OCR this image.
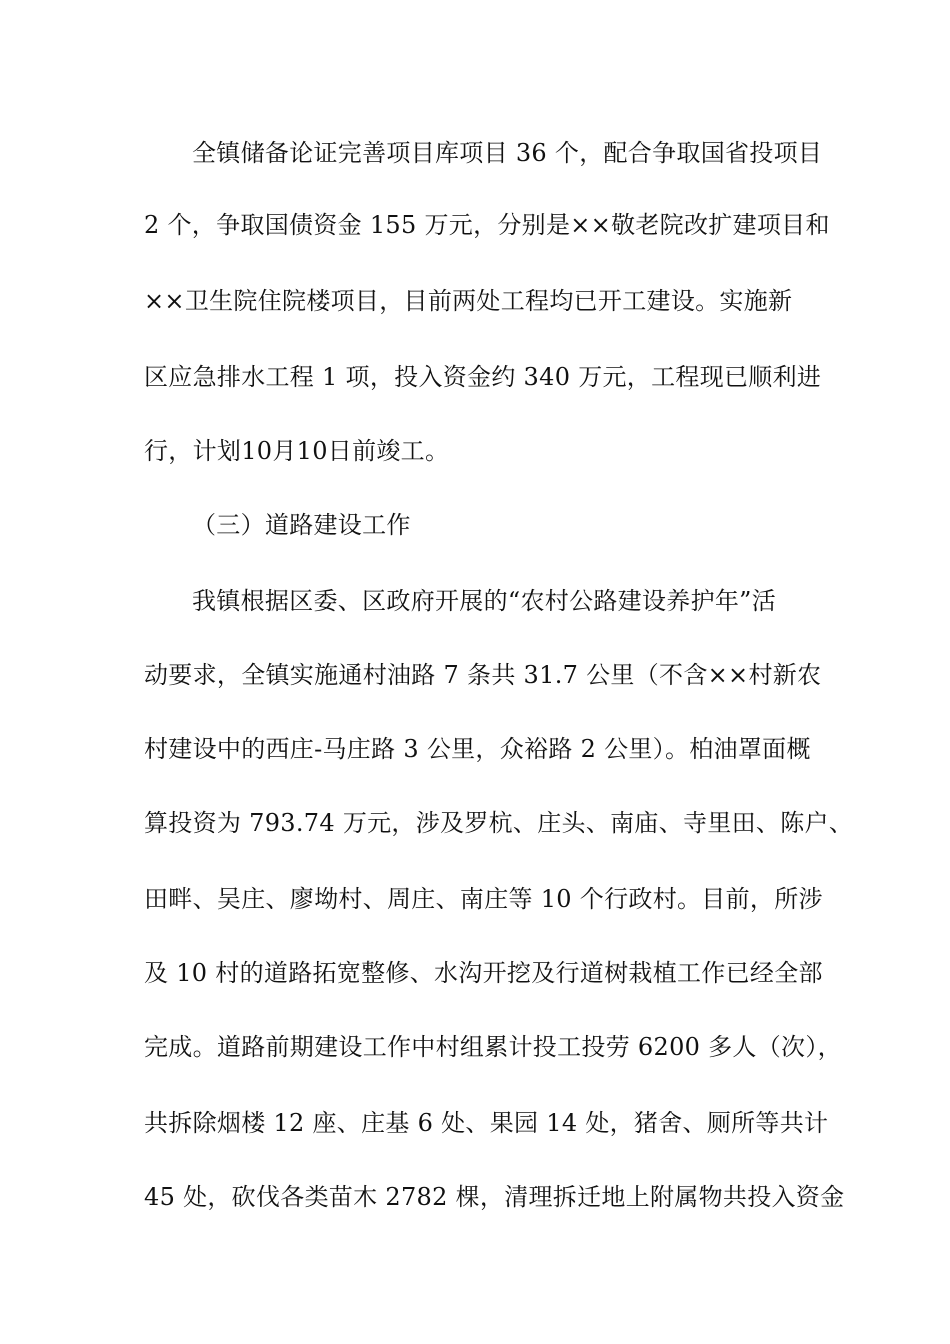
全镇储备论证完善项目库项目 36 个，配合争取国省投项目
2 个，争取国债资金 155 万元，分别是××敬老院改扩建项目和
××卫生院住院楼项目，目前两处工程均已开工建设。实施新
区应急排水工程 1 项，投入资金约 340 万元，工程现已顺利进
行，计划10月10日前竣工。
（三）道路建设工作
我镇根据区委、区政府开展的“农村公路建设养护年”活
动要求，全镇实施通村油路 7 条共 31.7 公里（不含××村新农
村建设中的西庄-马庄路 3 公里，众裕路 2 公里）。柏油罩面概
算投资为 793.74 万元，涉及罗杭、庄头、南庙、寺里田、陈户、
田畔、吴庄、廖坳村、周庄、南庄等 10 个行政村。目前，所涉
及 10 村的道路拓宽整修、水沟开挖及行道树栽植工作已经全部
完成。道路前期建设工作中村组累计投工投劳 6200 多人（次），
共拆除烟楼 12 座、庄基 6 处、果园 14 处，猪舍、厕所等共计
45 处，砍伐各类苗木 2782 棵，清理拆迁地上附属物共投入资金
